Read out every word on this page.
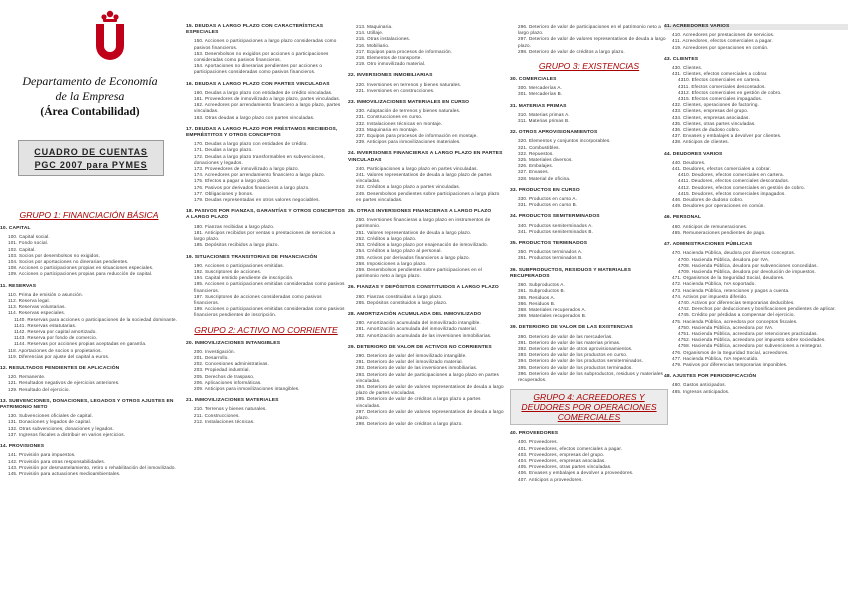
Departamento de Economía
de la Empresa
(Área Contabilidad)
CUADRO DE CUENTAS
PGC 2007 para PYMES
GRUPO 1: FINANCIACIÓN BÁSICA
10. CAPITAL
100. Capital social.
101. Fondo social.
102. Capital.
103. Socios por desembolsos no exigidos.
104. Socios por aportaciones no dinerarias pendientes.
108. Acciones o participaciones propias en situaciones especiales.
109. Acciones o participaciones propias para reducción de capital.
11. RESERVAS
110. Prima de emisión o asunción.
112. Reserva legal.
113. Reservas voluntarias.
114. Reservas especiales.
1140. Reservas para acciones o participaciones de la sociedad dominante.
1141. Reservas estatutarias.
1142. Reserva por capital amortizado.
1143. Reserva por fondo de comercio.
1144. Reservas por acciones propias aceptadas en garantía.
118. Aportaciones de socios o propietarios.
119. Diferencias por ajuste del capital a euros.
12. RESULTADOS PENDIENTES DE APLICACIÓN
120. Remanente.
121. Resultados negativos de ejercicios anteriores.
129. Resultado del ejercicio.
13. SUBVENCIONES, DONACIONES, LEGADOS Y OTROS AJUSTES EN PATRIMONIO NETO
130. Subvenciones oficiales de capital.
131. Donaciones y legados de capital.
132. Otras subvenciones, donaciones y legados.
137. Ingresos fiscales a distribuir en varios ejercicios.
14. PROVISIONES
141. Provisión para impuestos.
142. Provisión para otras responsabilidades.
143. Provisión por desmantelamiento, retiro o rehabilitación del inmovilizado.
145. Provisión para actuaciones medioambientales.
15. DEUDAS A LARGO PLAZO CON CARACTERÍSTICAS ESPECIALES
150. Acciones o participaciones a largo plazo consideradas como pasivos financieros.
153. Desembolsos no exigidos por acciones o participaciones consideradas como pasivos financieros.
154. Aportaciones no dinerarias pendientes por acciones o participaciones consideradas como pasivos financieros.
16. DEUDAS A LARGO PLAZO CON PARTES VINCULADAS
160. Deudas a largo plazo con entidades de crédito vinculadas.
161. Proveedores de inmovilizado a largo plazo, partes vinculadas.
162. Acreedores por arrendamiento financiero a largo plazo, partes vinculadas.
163. Otras deudas a largo plazo con partes vinculadas.
17. DEUDAS A LARGO PLAZO POR PRÉSTAMOS RECIBIDOS, EMPRÉSTITOS Y OTROS CONCEPTOS
170. Deudas a largo plazo con entidades de crédito.
171. Deudas a largo plazo.
172. Deudas a largo plazo transformables en subvenciones, donaciones y legados.
173. Proveedores de inmovilizado a largo plazo.
174. Acreedores por arrendamiento financiero a largo plazo.
175. Efectos a pagar a largo plazo.
176. Pasivos por derivados financieros a largo plazo.
177. Obligaciones y bonos.
179. Deudas representadas en otros valores negociables.
18. PASIVOS POR FIANZAS, GARANTÍAS Y OTROS CONCEPTOS A LARGO PLAZO
180. Fianzas recibidas a largo plazo.
181. Anticipos recibidos por ventas o prestaciones de servicios a largo plazo.
185. Depósitos recibidos a largo plazo.
19. SITUACIONES TRANSITORIAS DE FINANCIACIÓN
190. Acciones o participaciones emitidas.
192. Suscriptores de acciones.
194. Capital emitido pendiente de inscripción.
195. Acciones o participaciones emitidas consideradas como pasivos financieros.
197. Suscriptores de acciones consideradas como pasivos financieros.
199. Acciones o participaciones emitidas consideradas como pasivos financieros pendientes de inscripción.
GRUPO 2: ACTIVO NO CORRIENTE
20. INMOVILIZACIONES INTANGIBLES
200. Investigación.
201. Desarrollo.
202. Concesiones administrativas.
203. Propiedad industrial.
205. Derechos de traspaso.
206. Aplicaciones informáticas.
209. Anticipos para inmovilizaciones intangibles.
21. INMOVILIZACIONES MATERIALES
210. Terrenos y bienes naturales.
211. Construcciones.
212. Instalaciones técnicas.
213. Maquinaria.
214. Utillaje.
215. Otras instalaciones.
216. Mobiliario.
217. Equipos para procesos de información.
218. Elementos de transporte.
219. Otro inmovilizado material.
22. INVERSIONES INMOBILIARIAS
220. Inversiones en terrenos y bienes naturales.
221. Inversiones en construcciones.
23. INMOVILIZACIONES MATERIALES EN CURSO
230. Adaptación de terrenos y bienes naturales.
231. Construcciones en curso.
232. Instalaciones técnicas en montaje.
233. Maquinaria en montaje.
237. Equipos para procesos de información en montaje.
239. Anticipos para inmovilizaciones materiales.
24. INVERSIONES FINANCIERAS A LARGO PLAZO EN PARTES VINCULADAS
240. Participaciones a largo plazo en partes vinculadas.
241. Valores representativos de deuda a largo plazo de partes vinculadas.
242. Créditos a largo plazo a partes vinculadas.
249. Desembolsos pendientes sobre participaciones a largo plazo en partes vinculadas.
25. OTRAS INVERSIONES FINANCIERAS A LARGO PLAZO
250. Inversiones financieras a largo plazo en instrumentos de patrimonio.
251. Valores representativos de deuda a largo plazo.
252. Créditos a largo plazo.
253. Créditos a largo plazo por enajenación de inmovilizado.
254. Créditos a largo plazo al personal.
255. Activos por derivados financieros a largo plazo.
258. Imposiciones a largo plazo.
259. Desembolsos pendientes sobre participaciones en el patrimonio neto a largo plazo.
26. FIANZAS Y DEPÓSITOS CONSTITUIDOS A LARGO PLAZO
260. Fianzas constituidas a largo plazo.
265. Depósitos constituidos a largo plazo.
28. AMORTIZACIÓN ACUMULADA DEL INMOVILIZADO
280. Amortización acumulada del inmovilizado intangible.
281. Amortización acumulada del inmovilizado material.
282. Amortización acumulada de las inversiones inmobiliarias.
29. DETERIORO DE VALOR DE ACTIVOS NO CORRIENTES
290. Deterioro de valor del inmovilizado intangible.
291. Deterioro de valor del inmovilizado material.
292. Deterioro de valor de las inversiones inmobiliarias.
293. Deterioro de valor de participaciones a largo plazo en partes vinculadas.
294. Deterioro de valor de valores representativos de deuda a largo plazo de partes vinculadas.
295. Deterioro de valor de créditos a largo plazo a partes vinculadas.
297. Deterioro de valor de valores representativos de deuda a largo plazo.
298. Deterioro de valor de créditos a largo plazo.
296. Deterioro de valor de participaciones en el patrimonio neto a largo plazo.
297. Deterioro de valor de valores representativos de deuda a largo plazo.
298. Deterioro de valor de créditos a largo plazo.
GRUPO 3: EXISTENCIAS
30. COMERCIALES
300. Mercaderías A.
301. Mercaderías B.
31. MATERIAS PRIMAS
310. Materias primas A.
311. Materias primas B.
32. OTROS APROVISIONAMIENTOS
320. Elementos y conjuntos incorporables.
321. Combustibles.
322. Repuestos.
325. Materiales diversos.
326. Embalajes.
327. Envases.
328. Material de oficina.
33. PRODUCTOS EN CURSO
330. Productos en curso A.
331. Productos en curso B.
34. PRODUCTOS SEMITERMINADOS
340. Productos semiterminados A.
341. Productos semiterminados B.
35. PRODUCTOS TERMINADOS
350. Productos terminados A.
351. Productos terminados B.
36. SUBPRODUCTOS, RESIDUOS Y MATERIALES RECUPERADOS
360. Subproductos A.
361. Subproductos B.
365. Residuos A.
366. Residuos B.
368. Materiales recuperados A.
369. Materiales recuperados B.
39. DETERIORO DE VALOR DE LAS EXISTENCIAS
390. Deterioro de valor de las mercaderías.
391. Deterioro de valor de las materias primas.
392. Deterioro de valor de otros aprovisionamientos.
393. Deterioro de valor de los productos en curso.
394. Deterioro de valor de los productos semiterminados.
395. Deterioro de valor de los productos terminados.
396. Deterioro de valor de los subproductos, residuos y materiales recuperados.
GRUPO 4: ACREEDORES Y DEUDORES POR OPERACIONES COMERCIALES
40. PROVEEDORES
400. Proveedores.
401. Proveedores, efectos comerciales a pagar.
403. Proveedores, empresas del grupo.
404. Proveedores, empresas asociadas.
405. Proveedores, otras partes vinculadas.
406. Envases y embalajes a devolver a proveedores.
407. Anticipos a proveedores.
41. ACREEDORES VARIOS
410. Acreedores por prestaciones de servicios.
411. Acreedores, efectos comerciales a pagar.
419. Acreedores por operaciones en común.
43. CLIENTES
430. Clientes.
431. Clientes, efectos comerciales a cobrar.
4310. Efectos comerciales en cartera.
4311. Efectos comerciales descontados.
4312. Efectos comerciales en gestión de cobro.
4315. Efectos comerciales impagados.
432. Clientes, operaciones de factoring.
433. Clientes, empresas del grupo.
434. Clientes, empresas asociadas.
435. Clientes, otras partes vinculadas.
436. Clientes de dudoso cobro.
437. Envases y embalajes a devolver por clientes.
438. Anticipos de clientes.
44. DEUDORES VARIOS
440. Deudores.
441. Deudores, efectos comerciales a cobrar.
4410. Deudores, efectos comerciales en cartera.
4411. Deudores, efectos comerciales descontados.
4412. Deudores, efectos comerciales en gestión de cobro.
4415. Deudores, efectos comerciales impagados.
446. Deudores de dudoso cobro.
449. Deudores por operaciones en común.
46. PERSONAL
460. Anticipos de remuneraciones.
465. Remuneraciones pendientes de pago.
47. ADMINISTRACIONES PÚBLICAS
470. Hacienda Pública, deudora por diversos conceptos.
4700. Hacienda Pública, deudora por IVA.
4708. Hacienda Pública, deudora por subvenciones concedidas.
4709. Hacienda Pública, deudora por devolución de impuestos.
471. Organismos de la Seguridad Social, deudores.
472. Hacienda Pública, IVA soportado.
473. Hacienda Pública, retenciones y pagos a cuenta.
474. Activos por impuesto diferido.
4740. Activos por diferencias temporarias deducibles.
4742. Derechos por deducciones y bonificaciones pendientes de aplicar.
4745. Crédito por pérdidas a compensar del ejercicio.
475. Hacienda Pública, acreedora por conceptos fiscales.
4750. Hacienda Pública, acreedora por IVA.
4751. Hacienda Pública, acreedora por retenciones practicadas.
4752. Hacienda Pública, acreedora por impuesto sobre sociedades.
4758. Hacienda Pública, acreedora por subvenciones a reintegrar.
476. Organismos de la Seguridad Social, acreedores.
477. Hacienda Pública, IVA repercutido.
479. Pasivos por diferencias temporarias imponibles.
48. AJUSTES POR PERIODIFICACIÓN
480. Gastos anticipados.
485. Ingresos anticipados.
